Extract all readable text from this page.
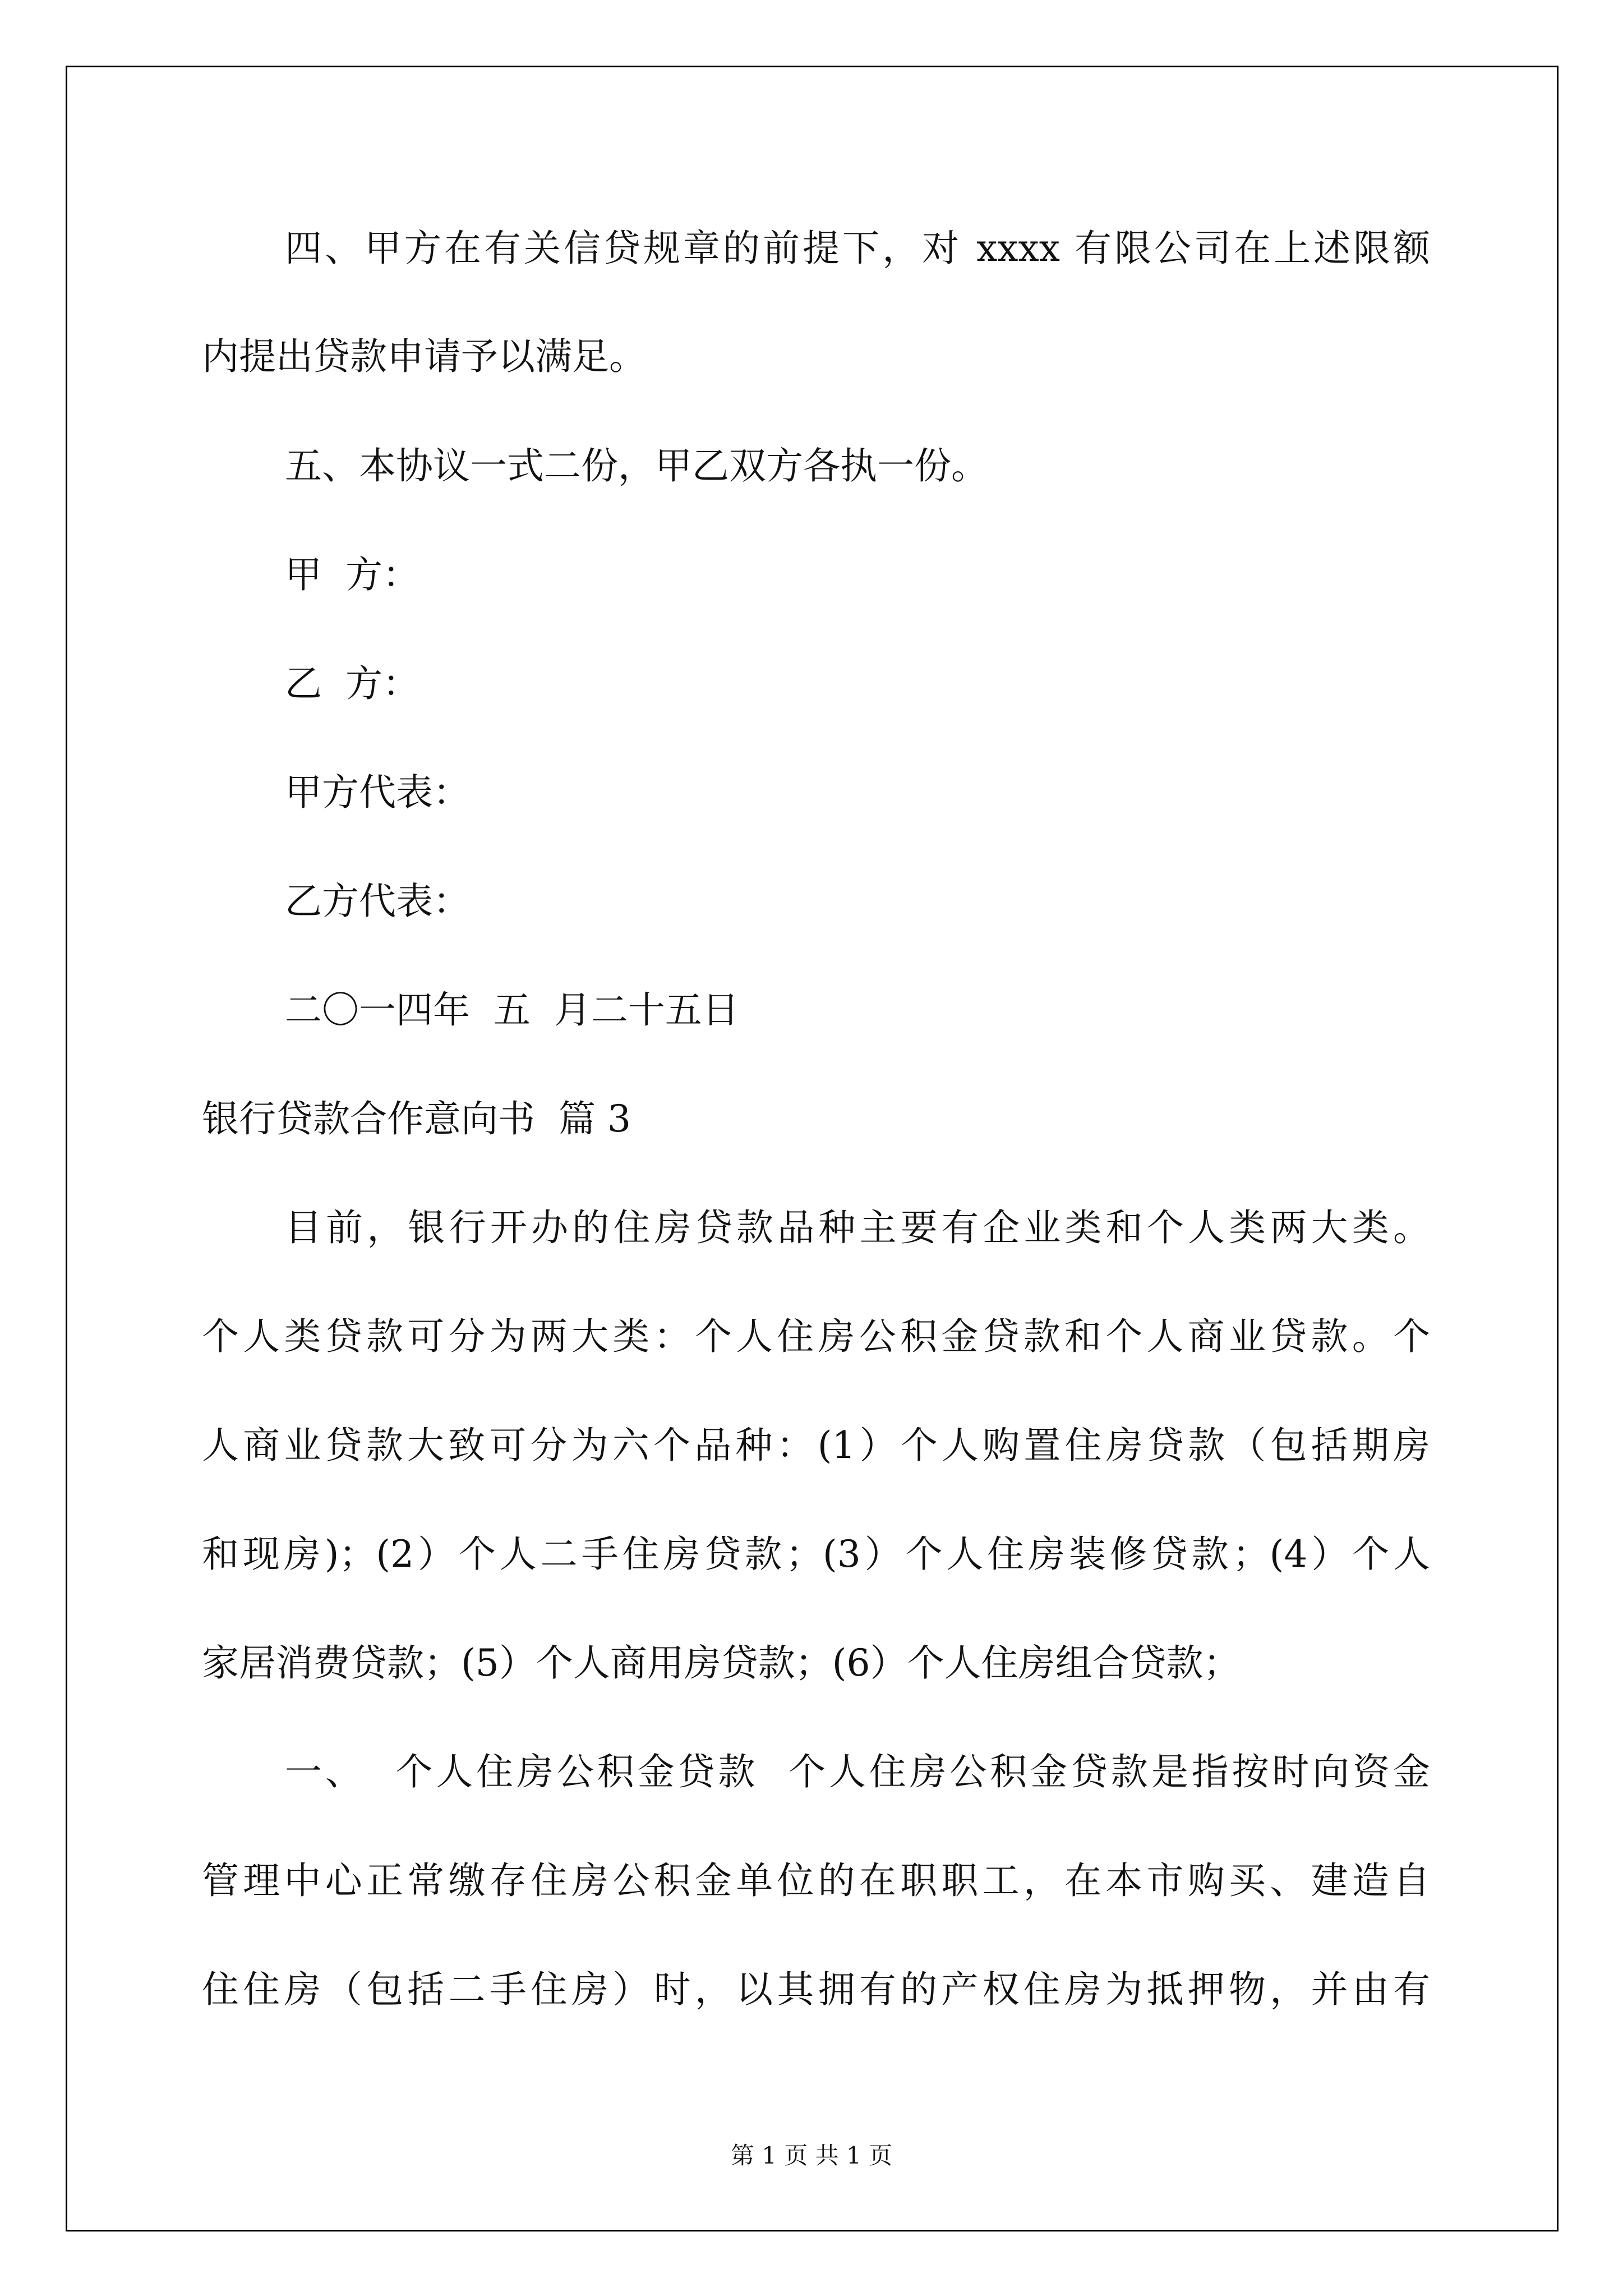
四、甲方在有关信贷规章的前提下，对 xxxx 有限公司在上述限额
内提出贷款申请予以满足。
五、本协议一式二份，甲乙双方各执一份。
甲  方：
乙  方：
甲方代表：
乙方代表：
二〇一四年  五  月二十五日
银行贷款合作意向书  篇 3
目前，银行开办的住房贷款品种主要有企业类和个人类两大类。
个人类贷款可分为两大类：个人住房公积金贷款和个人商业贷款。个
人商业贷款大致可分为六个品种：(1）个人购置住房贷款（包括期房
和现房)；(2）个人二手住房贷款；(3）个人住房装修贷款；(4）个人
家居消费贷款；(5）个人商用房贷款；(6）个人住房组合贷款；
一、  个人住房公积金贷款  个人住房公积金贷款是指按时向资金
管理中心正常缴存住房公积金单位的在职职工，在本市购买、建造自
住住房（包括二手住房）时，以其拥有的产权住房为抵押物，并由有
第 1 页 共 1 页
